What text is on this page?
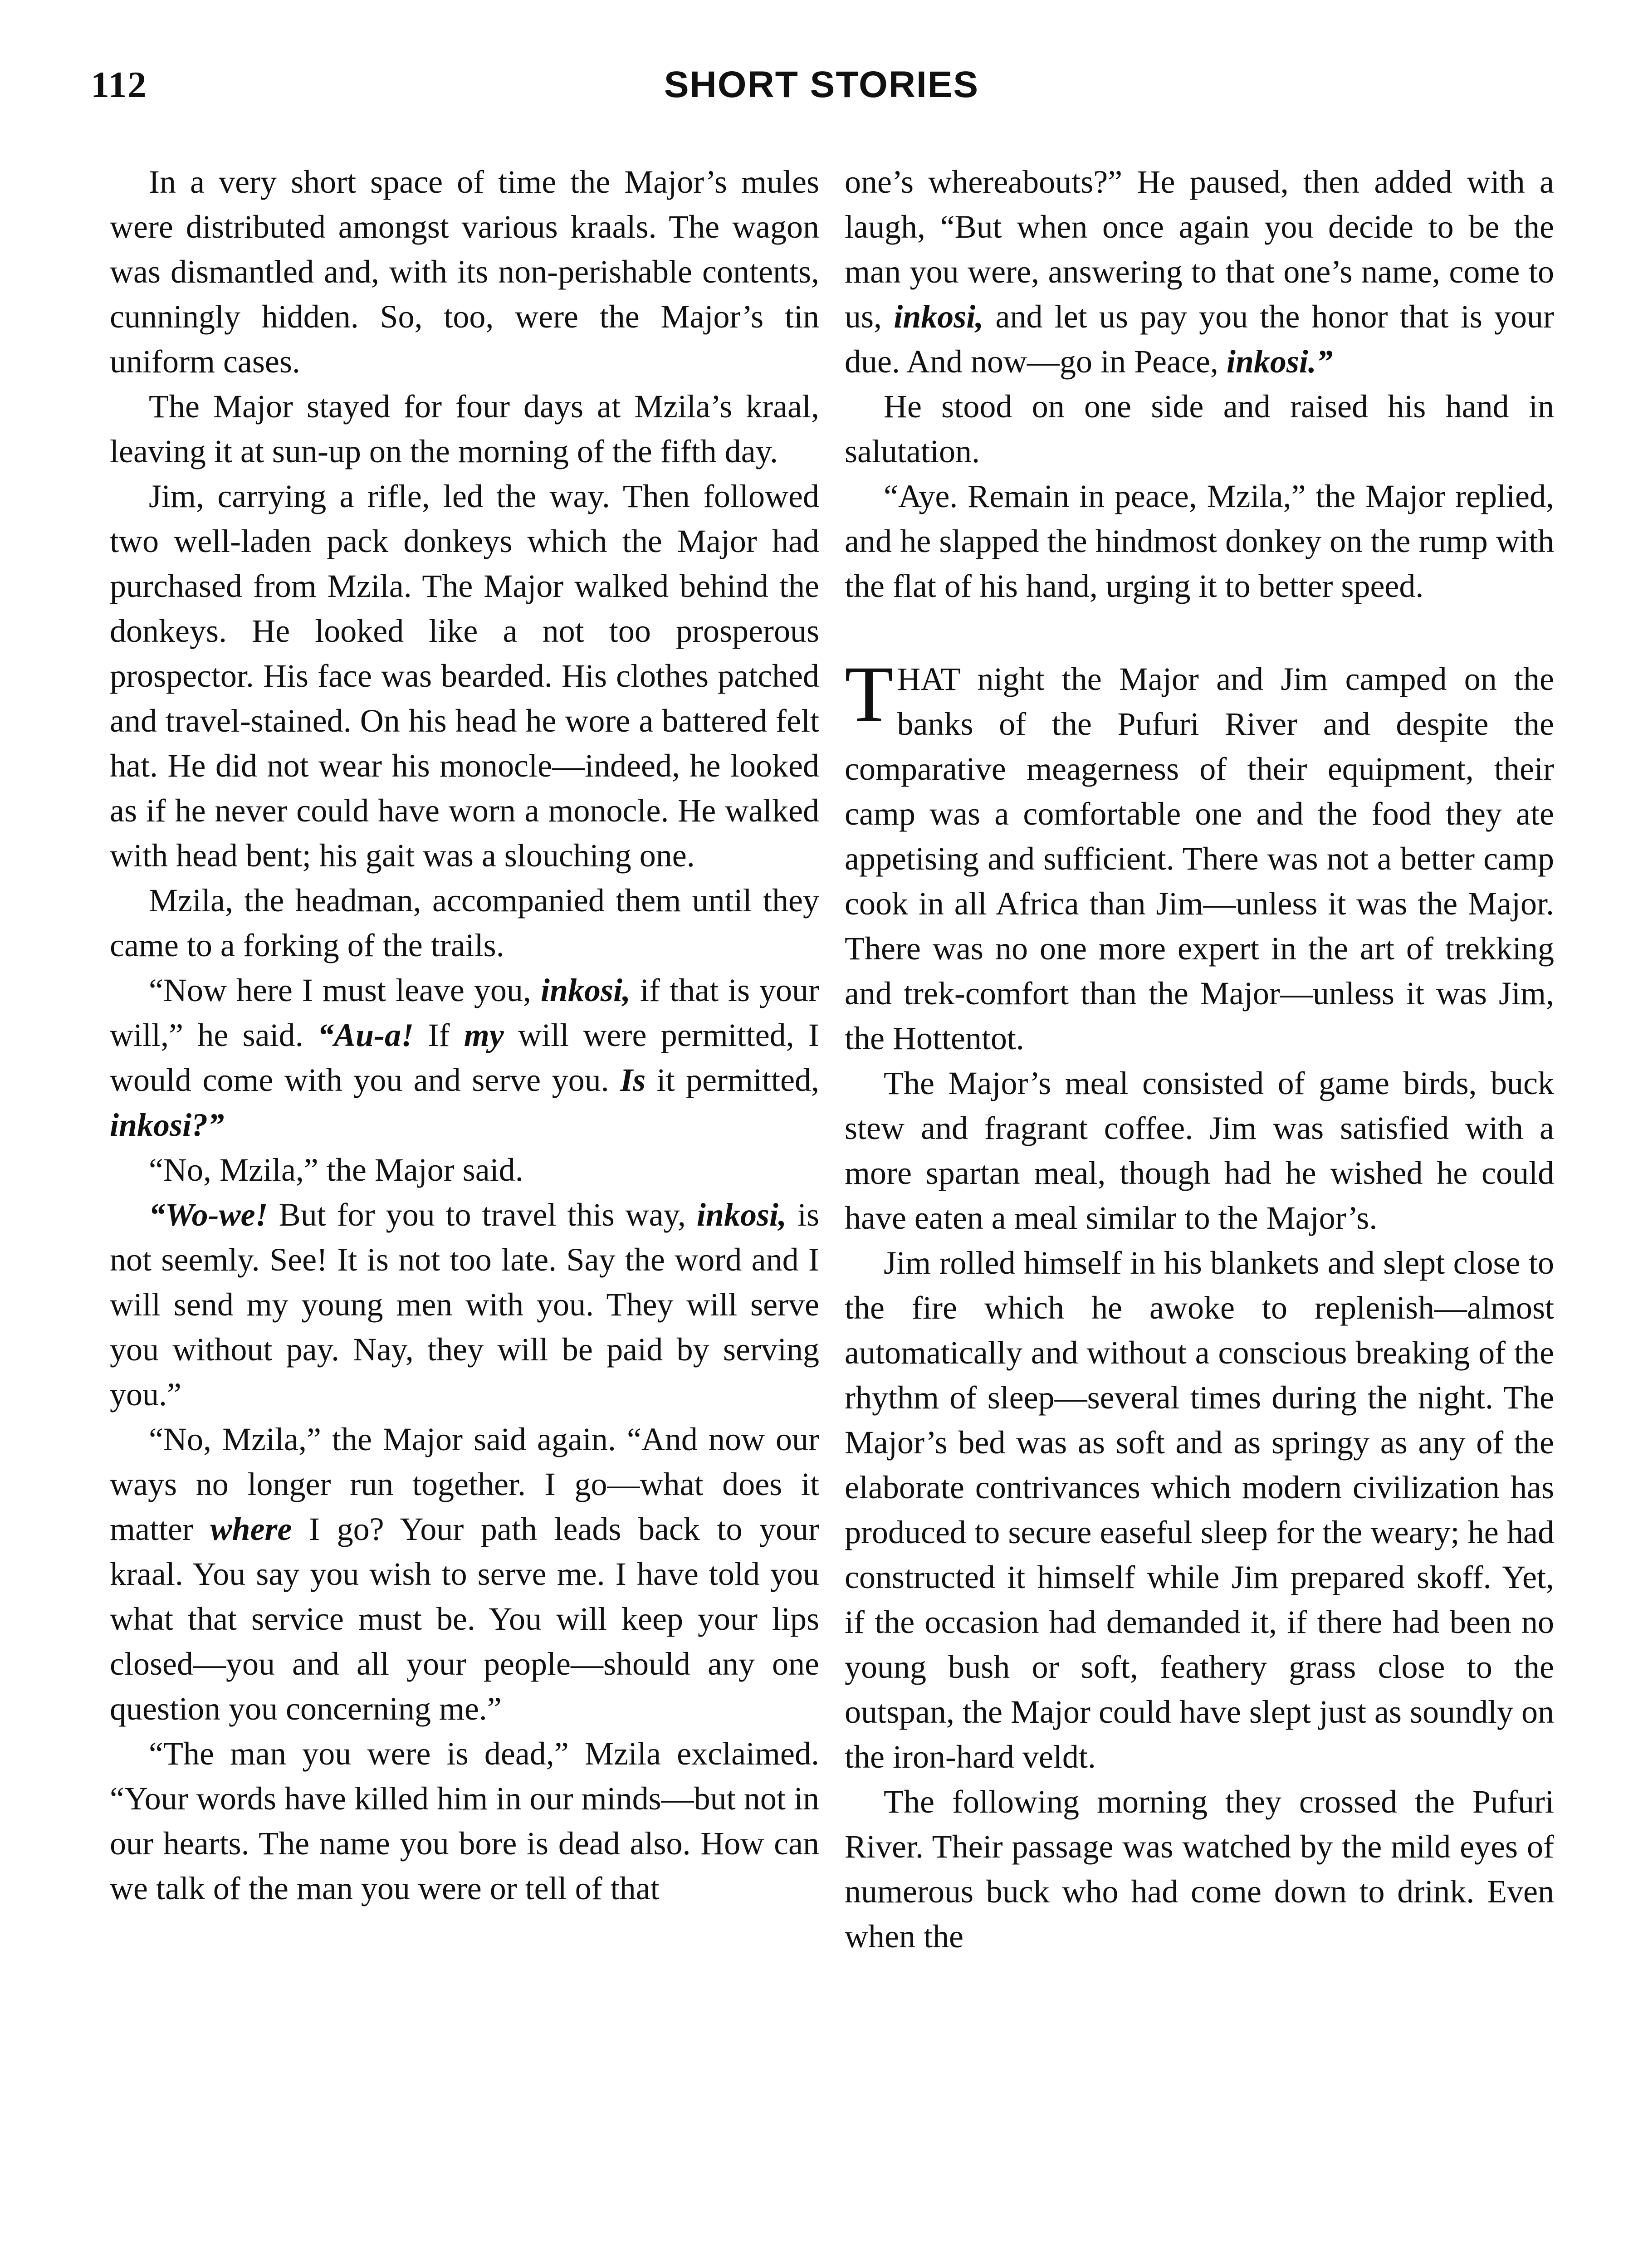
112	SHORT STORIES

In a very short space of time the Major’s mules were distributed amongst various kraals. The wagon was dismantled and, with its non-perishable contents, cunningly hidden. So, too, were the Major’s tin uniform cases.

The Major stayed for four days at Mzila’s kraal, leaving it at sun-up on the morning of the fifth day.

Jim, carrying a rifle, led the way. Then followed two well-laden pack donkeys which the Major had purchased from Mzila. The Major walked behind the donkeys. He looked like a not too prosperous prospector. His face was bearded. His clothes patched and travel-stained. On his head he wore a battered felt hat. He did not wear his monocle—indeed, he looked as if he never could have worn a monocle. He walked with head bent; his gait was a slouching one.

Mzila, the headman, accompanied them until they came to a forking of the trails.

“Now here I must leave you, inkosi, if that is your will,” he said. “Au-a! If my will were permitted, I would come with you and serve you. Is it permitted, inkosi?”

“No, Mzila,” the Major said.

“Wo-we! But for you to travel this way, inkosi, is not seemly. See! It is not too late. Say the word and I will send my young men with you. They will serve you without pay. Nay, they will be paid by serving you.”

“No, Mzila,” the Major said again. “And now our ways no longer run together. I go—what does it matter where I go? Your path leads back to your kraal. You say you wish to serve me. I have told you what that service must be. You will keep your lips closed—you and all your people—should any one question you concerning me.”

“The man you were is dead,” Mzila exclaimed. “Your words have killed him in our minds—but not in our hearts. The name you bore is dead also. How can we talk of the man you were or tell of that

one’s whereabouts?” He paused, then added with a laugh, “But when once again you decide to be the man you were, answering to that one’s name, come to us, inkosi, and let us pay you the honor that is your due. And now—go in Peace, inkosi.”

He stood on one side and raised his hand in salutation.

“Aye. Remain in peace, Mzila,” the Major replied, and he slapped the hindmost donkey on the rump with the flat of his hand, urging it to better speed.

THAT night the Major and Jim camped on the banks of the Pufuri River and despite the comparative meagerness of their equipment, their camp was a comfortable one and the food they ate appetising and sufficient. There was not a better camp cook in all Africa than Jim—unless it was the Major. There was no one more expert in the art of trekking and trek-comfort than the Major—unless it was Jim, the Hottentot.

The Major’s meal consisted of game birds, buck stew and fragrant coffee. Jim was satisfied with a more spartan meal, though had he wished he could have eaten a meal similar to the Major’s.

Jim rolled himself in his blankets and slept close to the fire which he awoke to replenish—almost automatically and without a conscious breaking of the rhythm of sleep—several times during the night. The Major’s bed was as soft and as springy as any of the elaborate contrivances which modern civilization has produced to secure easeful sleep for the weary; he had constructed it himself while Jim prepared skoff. Yet, if the occasion had demanded it, if there had been no young bush or soft, feathery grass close to the outspan, the Major could have slept just as soundly on the iron-hard veldt.

The following morning they crossed the Pufuri River. Their passage was watched by the mild eyes of numerous buck who had come down to drink. Even when the
